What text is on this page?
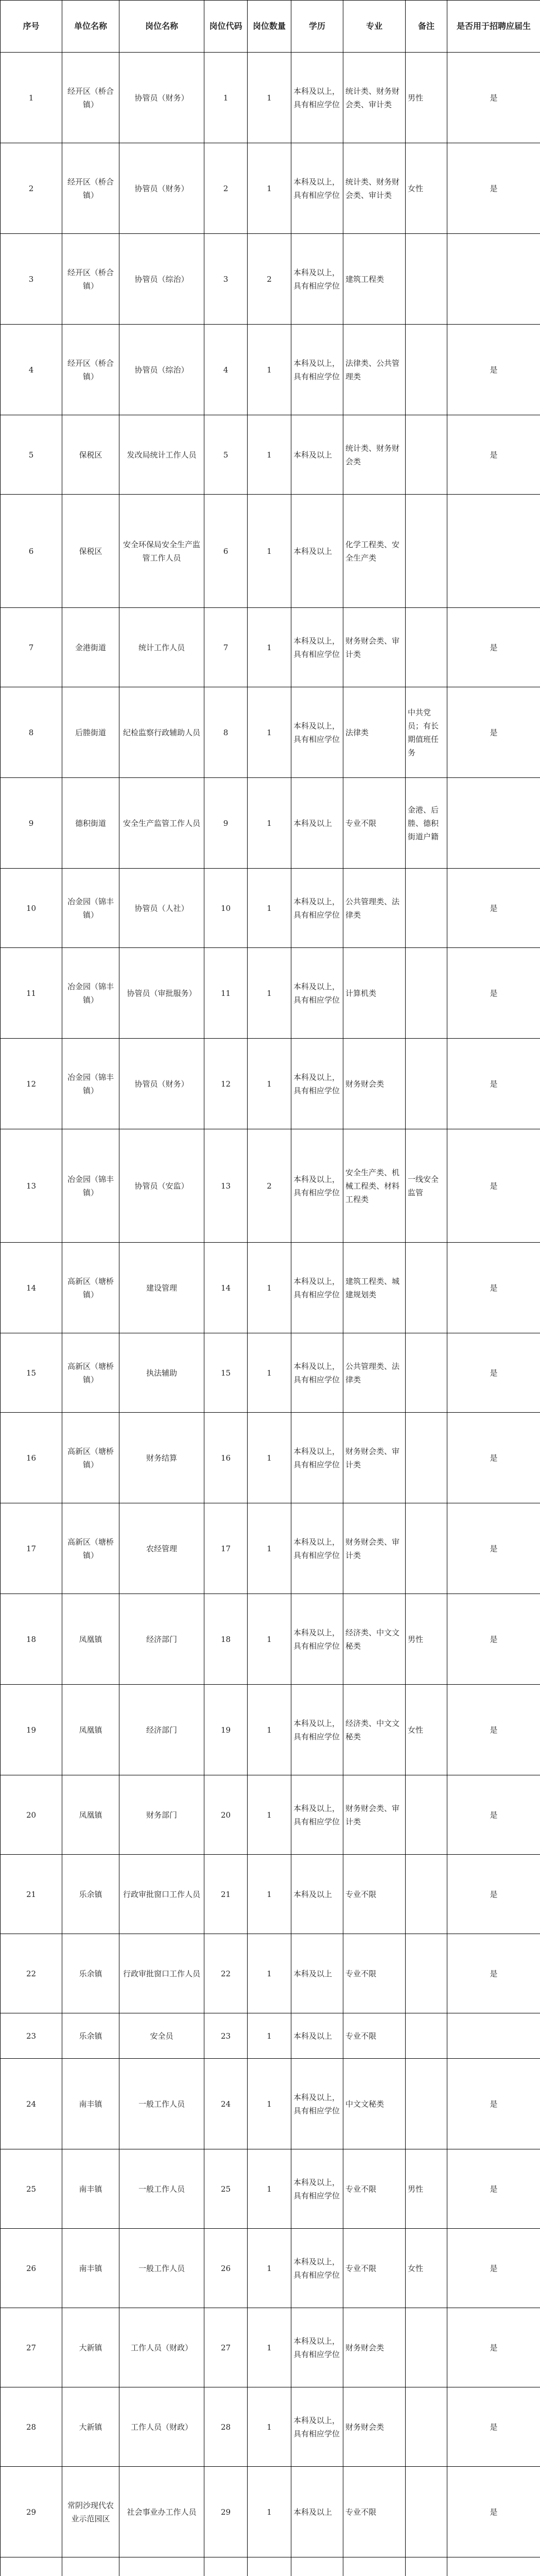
序号	单位名称	岗位名称	岗位代码	岗位数量	学历	专业	备注	是否用于招聘应届生
1	经开区（桥合镇）	协管员（财务）	1	1	本科及以上，具有相应学位	统计类、财务财会类、审计类	男性	是
2	经开区（桥合镇）	协管员（财务）	2	1	本科及以上，具有相应学位	统计类、财务财会类、审计类	女性	是
3	经开区（桥合镇）	协管员（综治）	3	2	本科及以上，具有相应学位	建筑工程类		
4	经开区（桥合镇）	协管员（综治）	4	1	本科及以上，具有相应学位	法律类、公共管理类		是
5	保税区	发改局统计工作人员	5	1	本科及以上	统计类、财务财会类		是
6	保税区	安全环保局安全生产监管工作人员	6	1	本科及以上	化学工程类、安全生产类		
7	金港街道	统计工作人员	7	1	本科及以上，具有相应学位	财务财会类、审计类		是
8	后塍街道	纪检监察行政辅助人员	8	1	本科及以上，具有相应学位	法律类	中共党员；有长期值班任务	是
9	德积街道	安全生产监管工作人员	9	1	本科及以上	专业不限	金港、后塍、德积街道户籍	
10	冶金园（锦丰镇）	协管员（人社）	10	1	本科及以上，具有相应学位	公共管理类、法律类		是
11	冶金园（锦丰镇）	协管员（审批服务）	11	1	本科及以上，具有相应学位	计算机类		是
12	冶金园（锦丰镇）	协管员（财务）	12	1	本科及以上，具有相应学位	财务财会类		是
13	冶金园（锦丰镇）	协管员（安监）	13	2	本科及以上，具有相应学位	安全生产类、机械工程类、材料工程类	一线安全监管	是
14	高新区（塘桥镇）	建设管理	14	1	本科及以上，具有相应学位	建筑工程类、城建规划类		是
15	高新区（塘桥镇）	执法辅助	15	1	本科及以上，具有相应学位	公共管理类、法律类		是
16	高新区（塘桥镇）	财务结算	16	1	本科及以上，具有相应学位	财务财会类、审计类		是
17	高新区（塘桥镇）	农经管理	17	1	本科及以上，具有相应学位	财务财会类、审计类		是
18	凤凰镇	经济部门	18	1	本科及以上，具有相应学位	经济类、中文文秘类	男性	是
19	凤凰镇	经济部门	19	1	本科及以上，具有相应学位	经济类、中文文秘类	女性	是
20	凤凰镇	财务部门	20	1	本科及以上，具有相应学位	财务财会类、审计类		是
21	乐余镇	行政审批窗口工作人员	21	1	本科及以上	专业不限		是
22	乐余镇	行政审批窗口工作人员	22	1	本科及以上	专业不限		是
23	乐余镇	安全员	23	1	本科及以上	专业不限		
24	南丰镇	一般工作人员	24	1	本科及以上，具有相应学位	中文文秘类		是
25	南丰镇	一般工作人员	25	1	本科及以上，具有相应学位	专业不限	男性	是
26	南丰镇	一般工作人员	26	1	本科及以上，具有相应学位	专业不限	女性	是
27	大新镇	工作人员（财政）	27	1	本科及以上，具有相应学位	财务财会类		是
28	大新镇	工作人员（财政）	28	1	本科及以上，具有相应学位	财务财会类		是
29	常阴沙现代农业示范园区	社会事业办工作人员	29	1	本科及以上	专业不限		是
